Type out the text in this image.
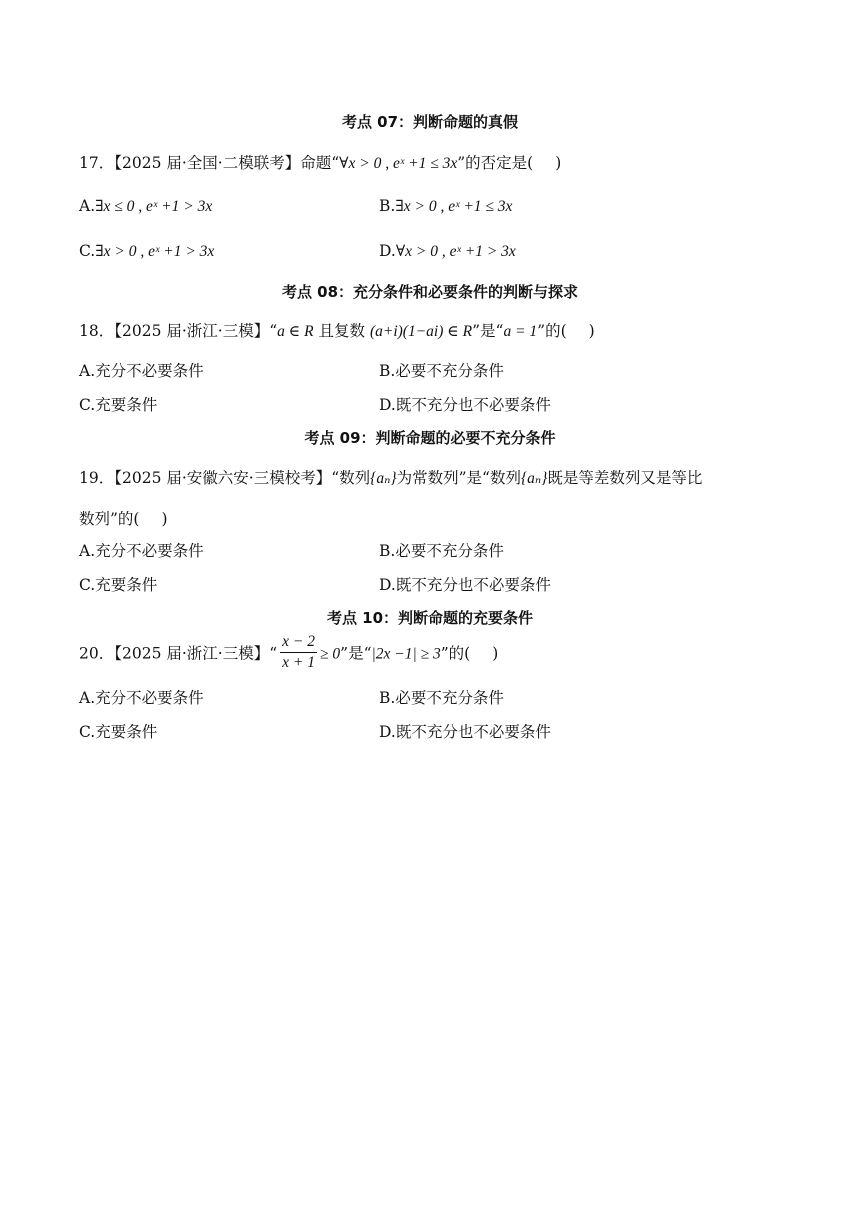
考点 07：判断命题的真假
17．【2025 届·全国·二模联考】命题“∀x > 0 , eˣ +1 ≤ 3x”的否定是( )
A.∃x ≤ 0 , eˣ +1 > 3x	B.∃x > 0 , eˣ +1 ≤ 3x
C.∃x > 0 , eˣ +1 > 3x	D.∀x > 0 , eˣ +1 > 3x
考点 08：充分条件和必要条件的判断与探求
18．【2025 届·浙江·三模】“a ∈ R 且复数 (a+i)(1−ai) ∈ R”是“a = 1”的( )
A.充分不必要条件	B.必要不充分条件
C.充要条件	D.既不充分也不必要条件
考点 09：判断命题的必要不充分条件
19．【2025 届·安徽六安·三模校考】“数列{aₙ}为常数列”是“数列{aₙ}既是等差数列又是等比
数列”的( )
A.充分不必要条件	B.必要不充分条件
C.充要条件	D.既不充分也不必要条件
考点 10：判断命题的充要条件
20．【2025 届·浙江·三模】“ $\frac{x - 2}{x + 1} \ge 0$”是“|2x −1| ≥ 3”的( )
A.充分不必要条件	B.必要不充分条件
C.充要条件	D.既不充分也不必要条件
